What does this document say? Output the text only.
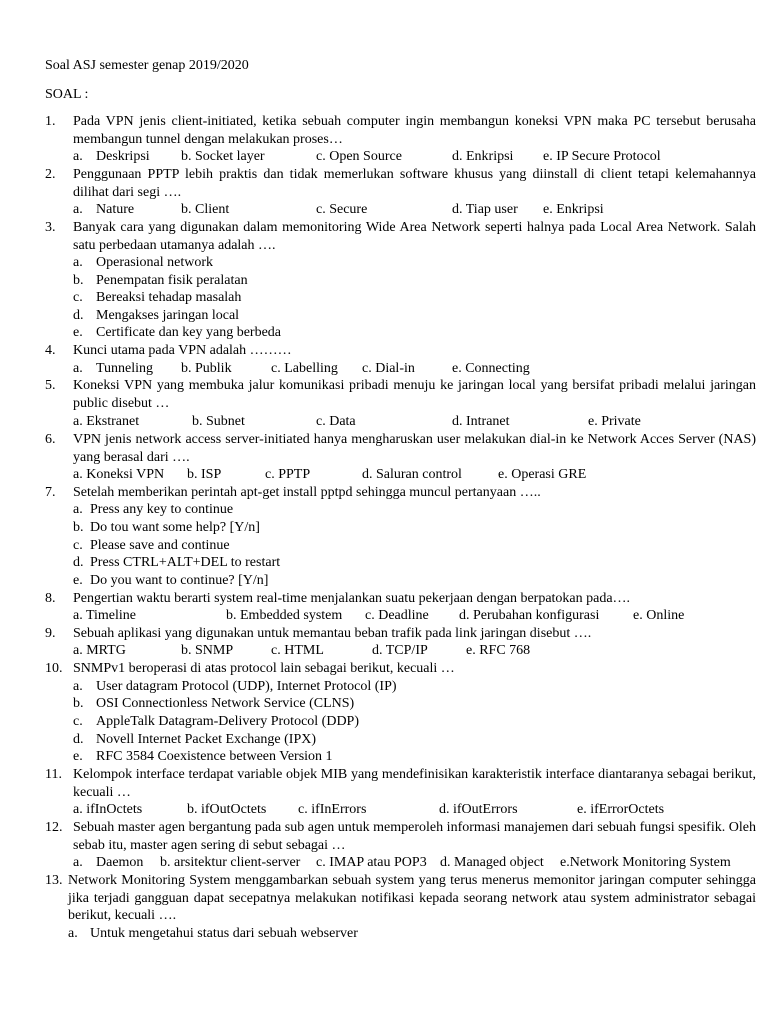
Soal ASJ semester genap 2019/2020
SOAL :
1.	Pada VPN jenis client-initiated, ketika sebuah computer ingin membangun koneksi VPN maka PC tersebut berusaha membangun tunnel dengan melakukan proses…
a. Deskripsi b. Socket layer	c. Open Source	d. Enkripsi e. IP Secure Protocol
2.	Penggunaan PPTP lebih praktis dan tidak memerlukan software khusus yang diinstall di client tetapi kelemahannya dilihat dari segi ….
a. Nature	b. Client	c. Secure	d. Tiap user e. Enkripsi
3.	Banyak cara yang digunakan dalam memonitoring Wide Area Network seperti halnya pada Local Area Network. Salah satu perbedaan utamanya adalah ….
a. Operasional network
b. Penempatan fisik peralatan
c. Bereaksi tehadap masalah
d. Mengakses jaringan local
e. Certificate dan key yang berbeda
4.	Kunci utama pada VPN adalah ………
a. Tunneling b. Publik	c. Labelling c. Dial-in	e. Connecting
5.	Koneksi VPN yang membuka jalur komunikasi pribadi menuju ke jaringan local yang bersifat pribadi melalui jaringan public disebut …
a. Ekstranet	b. Subnet	c. Data	d. Intranet	e. Private
6.	VPN jenis network access server-initiated hanya mengharuskan user melakukan dial-in ke Network Acces Server (NAS) yang berasal dari ….
a. Koneksi VPN b. ISP	c. PPTP	d. Saluran control	e. Operasi GRE
7.	Setelah memberikan perintah apt-get install pptpd sehingga muncul pertanyaan …..
a. Press any key to continue
b. Do tou want some help? [Y/n]
c. Please save and continue
d. Press CTRL+ALT+DEL to restart
e. Do you want to continue? [Y/n]
8.	Pengertian waktu berarti system real-time menjalankan suatu pekerjaan dengan berpatokan pada….
a. Timeline	b. Embedded system c. Deadline d. Perubahan konfigurasi e. Online
9.	Sebuah aplikasi yang digunakan untuk memantau beban trafik pada link jaringan disebut ….
a. MRTG	b. SNMP	c. HTML	d. TCP/IP	e. RFC 768
10. SNMPv1 beroperasi di atas protocol lain sebagai berikut, kecuali …
a. User datagram Protocol (UDP), Internet Protocol (IP)
b. OSI Connectionless Network Service (CLNS)
c. AppleTalk Datagram-Delivery Protocol (DDP)
d. Novell Internet Packet Exchange (IPX)
e. RFC 3584 Coexistence between Version 1
11. Kelompok interface terdapat variable objek MIB yang mendefinisikan karakteristik interface diantaranya sebagai berikut, kecuali …
a. ifInOctets	b. ifOutOctets c. ifInErrors	d. ifOutErrors	e. ifErrorOctets
12. Sebuah master agen bergantung pada sub agen untuk memperoleh informasi manajemen dari sebuah fungsi spesifik. Oleh sebab itu, master agen sering di sebut sebagai …
a. Daemon b. arsitektur client-server c. IMAP atau POP3 d. Managed object e.Network Monitoring System
13. Network Monitoring System menggambarkan sebuah system yang terus menerus memonitor jaringan computer sehingga jika terjadi gangguan dapat secepatnya melakukan notifikasi kepada seorang network atau system administrator sebagai berikut, kecuali ….
a. Untuk mengetahui status dari sebuah webserver
